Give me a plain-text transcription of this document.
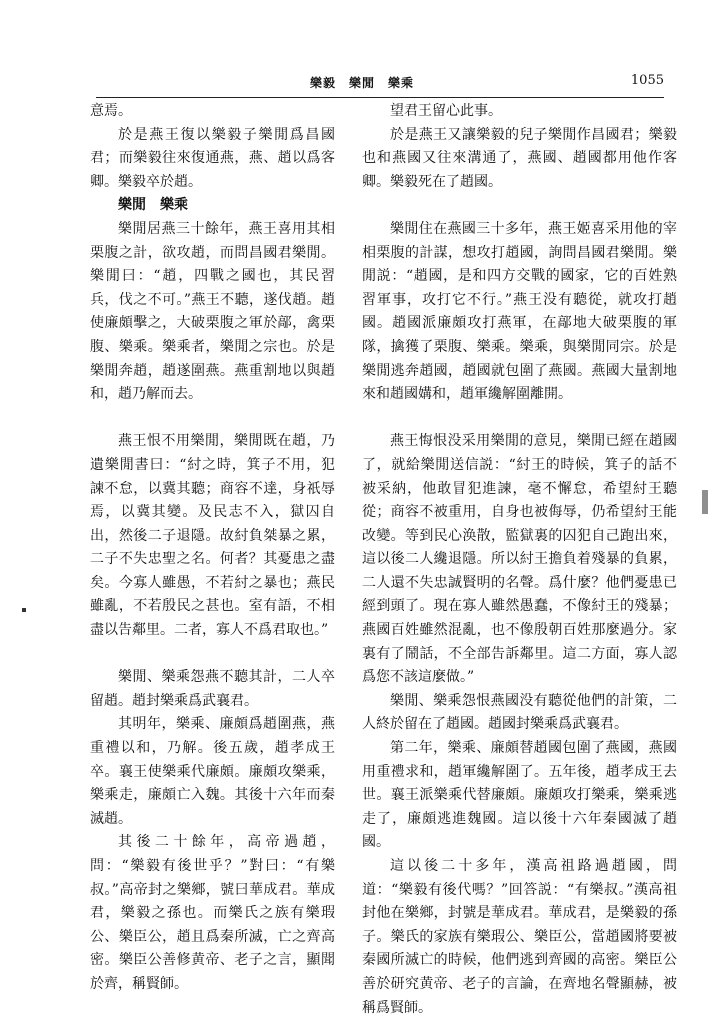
樂毅　樂閒　樂乘	1055

意焉。

於是燕王復以樂毅子樂閒爲昌國君；而樂毅往來復通燕，燕、趙以爲客卿。樂毅卒於趙。

樂閒　樂乘

樂閒居燕三十餘年，燕王喜用其相栗腹之計，欲攻趙，而問昌國君樂閒。樂閒曰：“趙，四戰之國也，其民習兵，伐之不可。”燕王不聽，遂伐趙。趙使廉頗擊之，大破栗腹之軍於鄗，禽栗腹、樂乘。樂乘者，樂閒之宗也。於是樂閒奔趙，趙遂圍燕。燕重割地以與趙和，趙乃解而去。

燕王恨不用樂閒，樂閒既在趙，乃遺樂閒書曰：“紂之時，箕子不用，犯諫不怠，以冀其聽；商容不達，身祇辱焉，以冀其變。及民志不入，獄囚自出，然後二子退隱。故紂負桀暴之累，二子不失忠聖之名。何者？其憂患之盡矣。今寡人雖愚，不若紂之暴也；燕民雖亂，不若殷民之甚也。室有語，不相盡以告鄰里。二者，寡人不爲君取也。”

樂閒、樂乘怨燕不聽其計，二人卒留趙。趙封樂乘爲武襄君。

其明年，樂乘、廉頗爲趙圍燕，燕重禮以和，乃解。後五歲，趙孝成王卒。襄王使樂乘代廉頗。廉頗攻樂乘，樂乘走，廉頗亡入魏。其後十六年而秦滅趙。

其後二十餘年，高帝過趙，問：“樂毅有後世乎？”對曰：“有樂叔。”高帝封之樂鄉，號曰華成君。華成君，樂毅之孫也。而樂氏之族有樂瑕公、樂臣公，趙且爲秦所滅，亡之齊高密。樂臣公善修黄帝、老子之言，顯聞於齊，稱賢師。

望君王留心此事。

於是燕王又讓樂毅的兒子樂閒作昌國君；樂毅也和燕國又往來溝通了，燕國、趙國都用他作客卿。樂毅死在了趙國。

樂閒住在燕國三十多年，燕王姬喜采用他的宰相栗腹的計謀，想攻打趙國，詢問昌國君樂閒。樂閒説：“趙國，是和四方交戰的國家，它的百姓熟習軍事，攻打它不行。”燕王没有聽從，就攻打趙國。趙國派廉頗攻打燕軍，在鄗地大破栗腹的軍隊，擒獲了栗腹、樂乘。樂乘，與樂閒同宗。於是樂閒逃奔趙國，趙國就包圍了燕國。燕國大量割地來和趙國媾和，趙軍纔解圍離開。

燕王悔恨没采用樂閒的意見，樂閒已經在趙國了，就給樂閒送信説：“紂王的時候，箕子的話不被采納，他敢冒犯進諫，毫不懈怠，希望紂王聽從；商容不被重用，自身也被侮辱，仍希望紂王能改變。等到民心涣散，監獄裏的囚犯自己跑出來，這以後二人纔退隱。所以紂王擔負着殘暴的負累，二人還不失忠誠賢明的名聲。爲什麼？他們憂患已經到頭了。現在寡人雖然愚蠢，不像紂王的殘暴；燕國百姓雖然混亂，也不像殷朝百姓那麼過分。家裏有了鬧話，不全部告訴鄰里。這二方面，寡人認爲您不該這麼做。”

樂閒、樂乘怨恨燕國没有聽從他們的計策，二人終於留在了趙國。趙國封樂乘爲武襄君。

第二年，樂乘、廉頗替趙國包圍了燕國，燕國用重禮求和，趙軍纔解圍了。五年後，趙孝成王去世。襄王派樂乘代替廉頗。廉頗攻打樂乘，樂乘逃走了，廉頗逃進魏國。這以後十六年秦國滅了趙國。

這以後二十多年，漢高祖路過趙國，問道：“樂毅有後代嗎？”回答説：“有樂叔。”漢高祖封他在樂鄉，封號是華成君。華成君，是樂毅的孫子。樂氏的家族有樂瑕公、樂臣公，當趙國將要被秦國所滅亡的時候，他們逃到齊國的高密。樂臣公善於研究黄帝、老子的言論，在齊地名聲顯赫，被稱爲賢師。
